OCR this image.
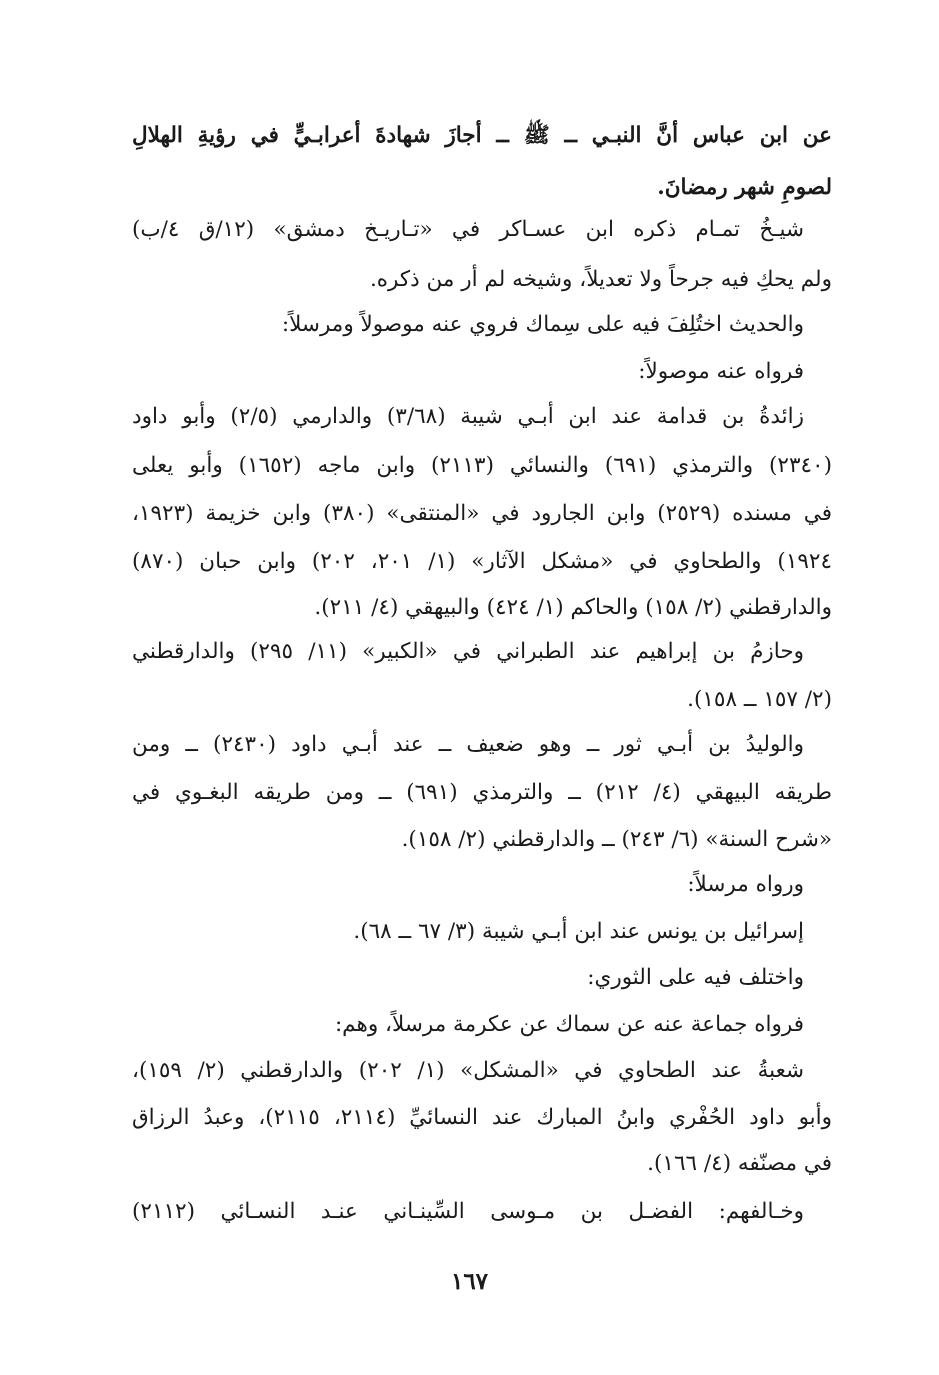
عن ابن عباس أنَّ النبـي ــ ﷺ ــ أجازَ شهادةَ أعرابـيٍّ في رؤيةِ الهلالِ
لصومِ شهر رمضانَ.
شيـخُ تمـام ذكره ابن عسـاكر في «تـاريـخ دمشق» (١٢/ق ٤/ب)
ولم يحكِ فيه جرحاً ولا تعديلاً، وشيخه لم أر من ذكره.
والحديث اختُلِفَ فيه على سِماك فروي عنه موصولاً ومرسلاً:
فرواه عنه موصولاً:
زائدةُ بن قدامة عند ابن أبـي شيبة (٣/٦٨) والدارمي (٢/٥) وأبو داود
(٢٣٤٠) والترمذي (٦٩١) والنسائي (٢١١٣) وابن ماجه (١٦٥٢) وأبو يعلى
في مسنده (٢٥٢٩) وابن الجارود في «المنتقى» (٣٨٠) وابن خزيمة (١٩٢٣،
١٩٢٤) والطحاوي في «مشكل الآثار» (١/ ٢٠١، ٢٠٢) وابن حبان (٨٧٠)
والدارقطني (٢/ ١٥٨) والحاكم (١/ ٤٢٤) والبيهقي (٤/ ٢١١).
وحازمُ بن إبراهيم عند الطبراني في «الكبير» (١١/ ٢٩٥) والدارقطني
(٢/ ١٥٧ ــ ١٥٨).
والوليدُ بن أبـي ثور ــ وهو ضعيف ــ عند أبـي داود (٢٤٣٠) ــ ومن
طريقه البيهقي (٤/ ٢١٢) ــ والترمذي (٦٩١) ــ ومن طريقه البغـوي في
«شرح السنة» (٦/ ٢٤٣) ــ والدارقطني (٢/ ١٥٨).
ورواه مرسلاً:
إسرائيل بن يونس عند ابن أبـي شيبة (٣/ ٦٧ ــ ٦٨).
واختلف فيه على الثوري:
فرواه جماعة عنه عن سماك عن عكرمة مرسلاً، وهم:
شعبةُ عند الطحاوي في «المشكل» (١/ ٢٠٢) والدارقطني (٢/ ١٥٩)،
وأبو داود الحُفْري وابنُ المبارك عند النسائيِّ (٢١١٤، ٢١١٥)، وعبدُ الرزاق
في مصنّفه (٤/ ١٦٦).
وخـالفهم: الفضـل بن مـوسى السِّينـاني عنـد النسـائي (٢١١٢)
١٦٧
